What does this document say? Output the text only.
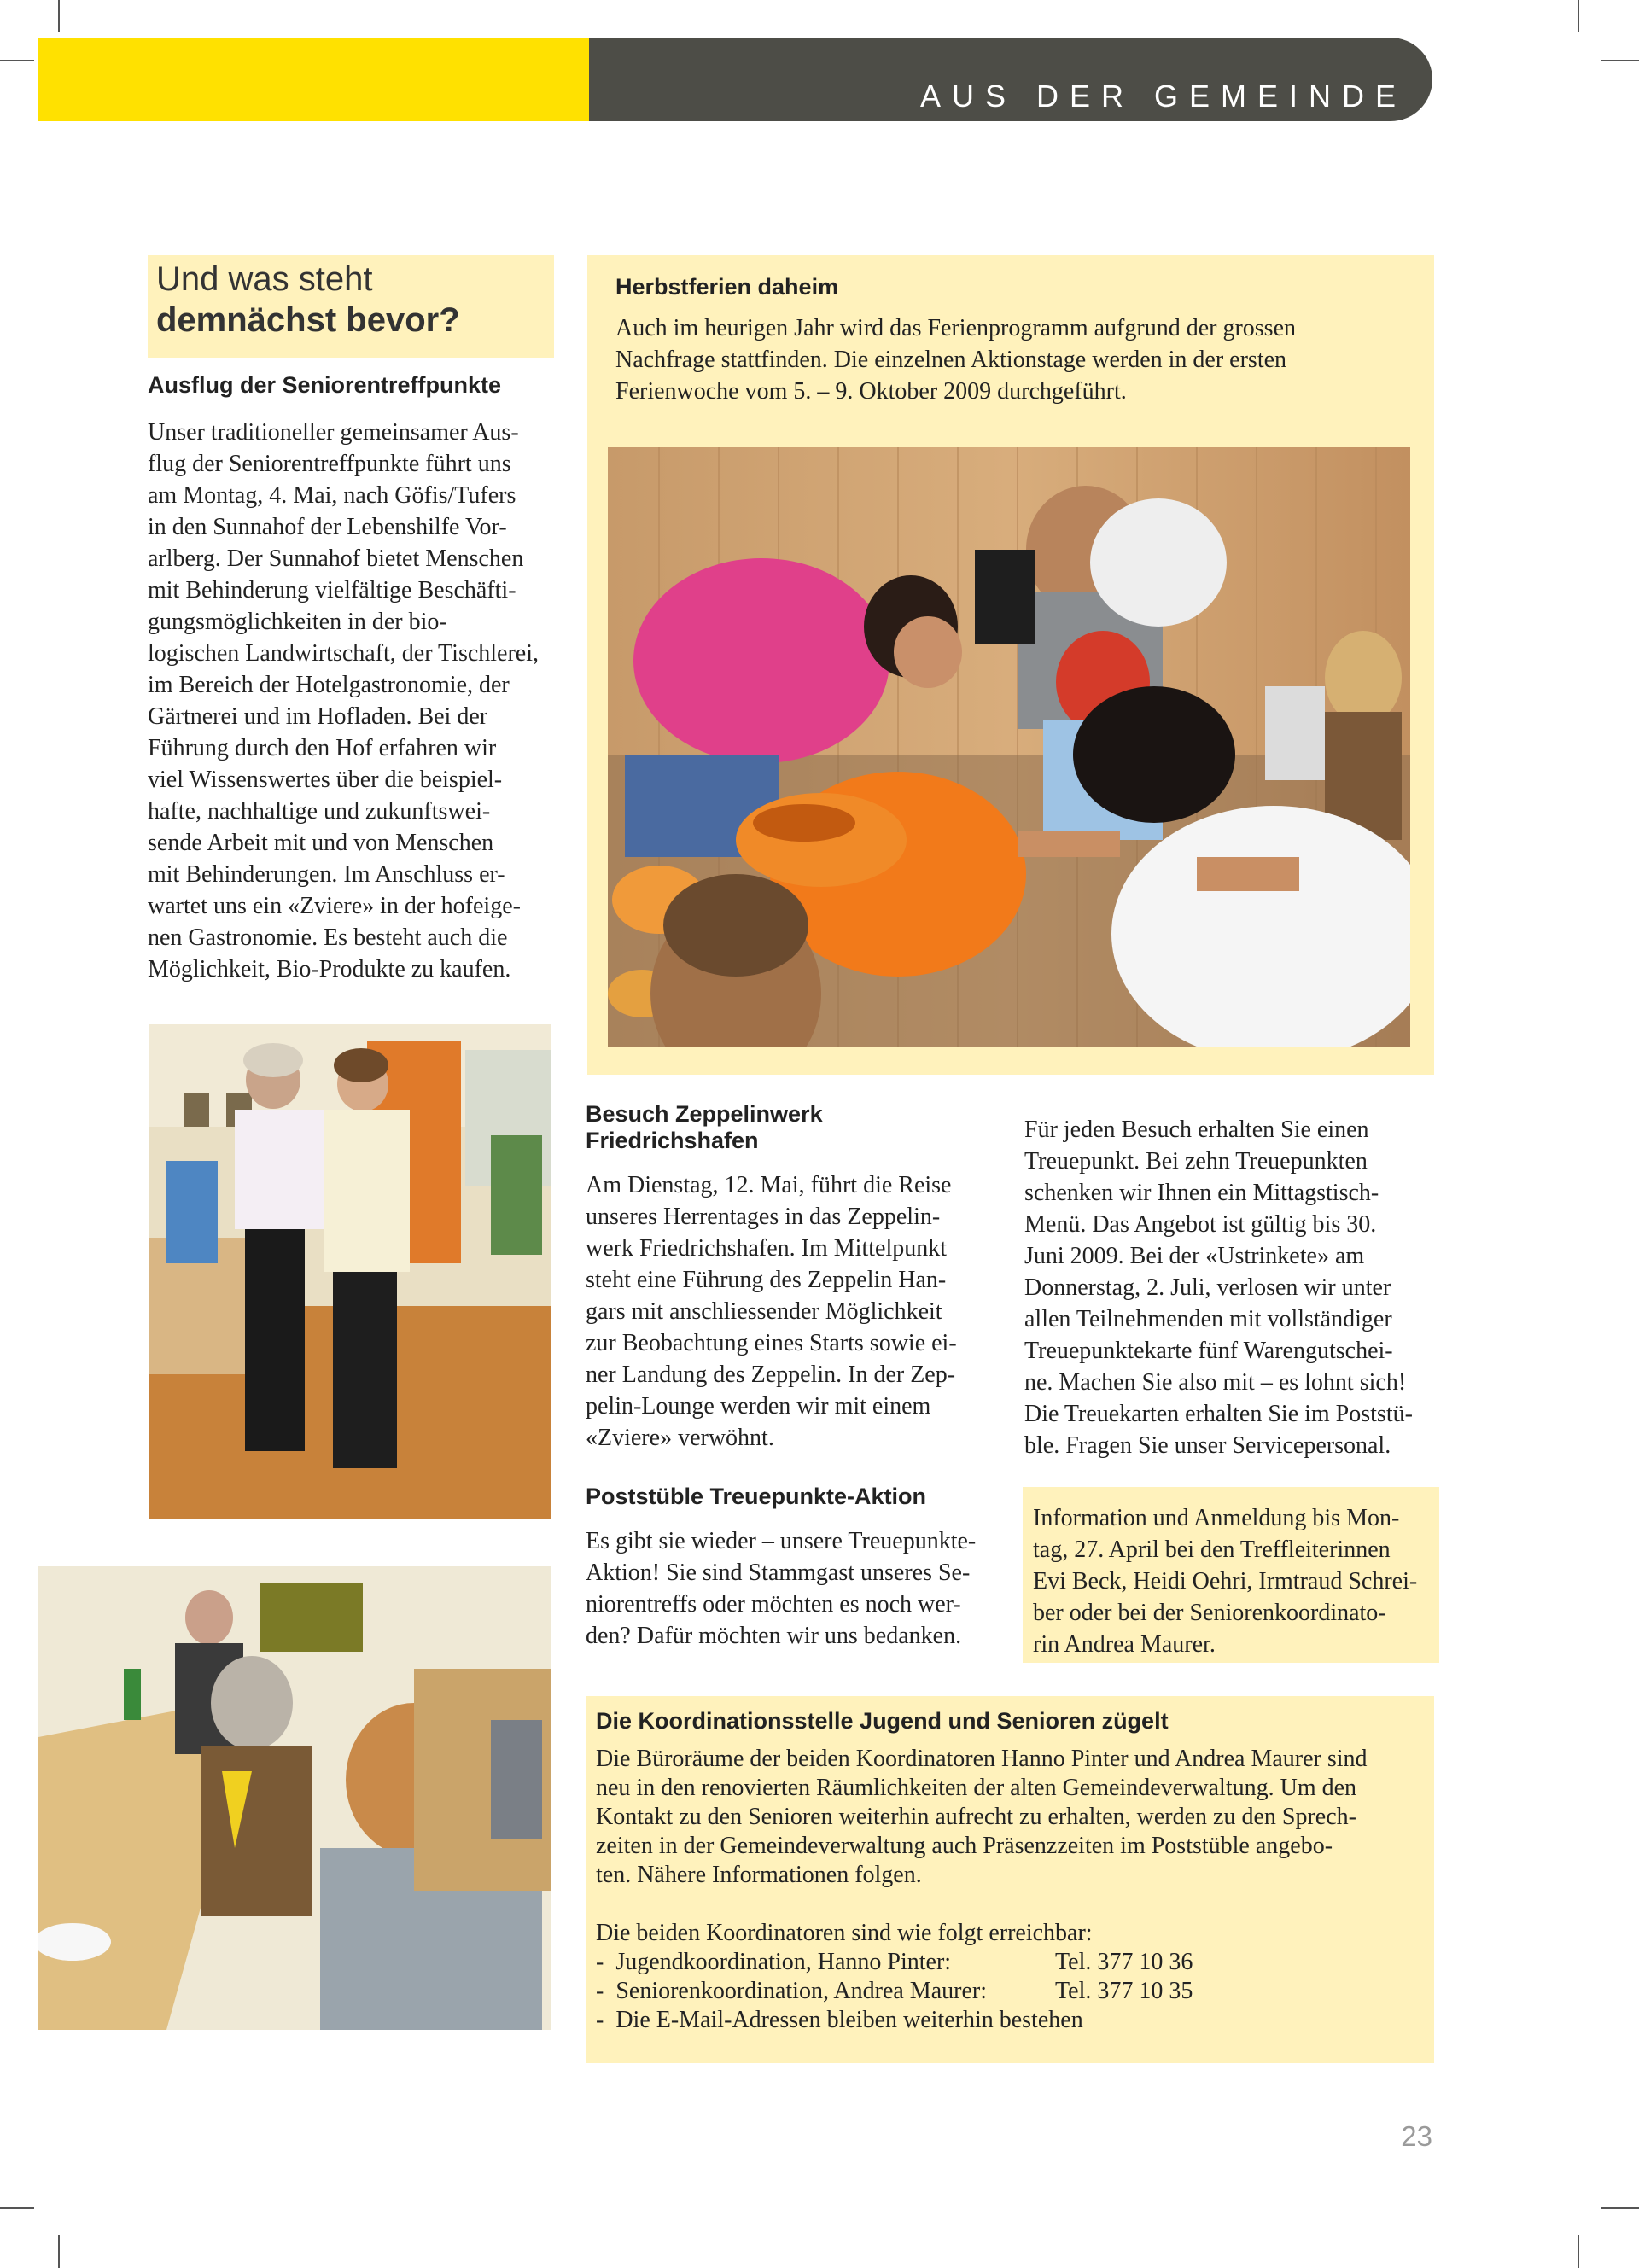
AUS DER GEMEINDE
Und was steht
demnächst bevor?
Ausflug der Seniorentreffpunkte
Unser traditioneller gemeinsamer Aus-
flug der Seniorentreffpunkte führt uns
am Montag, 4. Mai, nach Göfis/Tufers
in den Sunnahof der Lebenshilfe Vor-
arlberg. Der Sunnahof bietet Menschen
mit Behinderung vielfältige Beschäfti-
gungsmöglichkeiten in der bio-
logischen Landwirtschaft, der Tischlerei,
im Bereich der Hotelgastronomie, der
Gärtnerei und im Hofladen. Bei der
Führung durch den Hof erfahren wir
viel Wissenswertes über die beispiel-
hafte, nachhaltige und zukunftswei-
sende Arbeit mit und von Menschen
mit Behinderungen. Im Anschluss er-
wartet uns ein «Zviere» in der hofeige-
nen Gastronomie. Es besteht auch die
Möglichkeit, Bio-Produkte zu kaufen.
Herbstferien daheim
Auch im heurigen Jahr wird das Ferienprogramm aufgrund der grossen
Nachfrage stattfinden. Die einzelnen Aktionstage werden in der ersten
Ferienwoche vom 5. – 9. Oktober 2009 durchgeführt.
Besuch Zeppelinwerk
Friedrichshafen
Am Dienstag, 12. Mai, führt die Reise
unseres Herrentages in das Zeppelin-
werk Friedrichshafen. Im Mittelpunkt
steht eine Führung des Zeppelin Han-
gars mit anschliessender Möglichkeit
zur Beobachtung eines Starts sowie ei-
ner Landung des Zeppelin. In der Zep-
pelin-Lounge werden wir mit einem
«Zviere» verwöhnt.
Poststüble Treuepunkte-Aktion
Es gibt sie wieder – unsere Treuepunkte-
Aktion! Sie sind Stammgast unseres Se-
niorentreffs oder möchten es noch wer-
den? Dafür möchten wir uns bedanken.
Für jeden Besuch erhalten Sie einen
Treuepunkt. Bei zehn Treuepunkten
schenken wir Ihnen ein Mittagstisch-
Menü. Das Angebot ist gültig bis 30.
Juni 2009. Bei der «Ustrinkete» am
Donnerstag, 2. Juli, verlosen wir unter
allen Teilnehmenden mit vollständiger
Treuepunktekarte fünf Warengutschei-
ne. Machen Sie also mit – es lohnt sich!
Die Treuekarten erhalten Sie im Poststü-
ble. Fragen Sie unser Servicepersonal.
Information und Anmeldung bis Mon-
tag, 27. April bei den Treffleiterinnen
Evi Beck, Heidi Oehri, Irmtraud Schrei-
ber oder bei der Seniorenkoordinato-
rin Andrea Maurer.
Die Koordinationsstelle Jugend und Senioren zügelt
Die Büroräume der beiden Koordinatoren Hanno Pinter und Andrea Maurer sind
neu in den renovierten Räumlichkeiten der alten Gemeindeverwaltung. Um den
Kontakt zu den Senioren weiterhin aufrecht zu erhalten, werden zu den Sprech-
zeiten in der Gemeindeverwaltung auch Präsenzzeiten im Poststüble angebo-
ten. Nähere Informationen folgen.
Die beiden Koordinatoren sind wie folgt erreichbar:
-  Jugendkoordination, Hanno Pinter:	Tel. 377 10 36
-  Seniorenkoordination, Andrea Maurer:	Tel. 377 10 35
-  Die E-Mail-Adressen bleiben weiterhin bestehen
23
